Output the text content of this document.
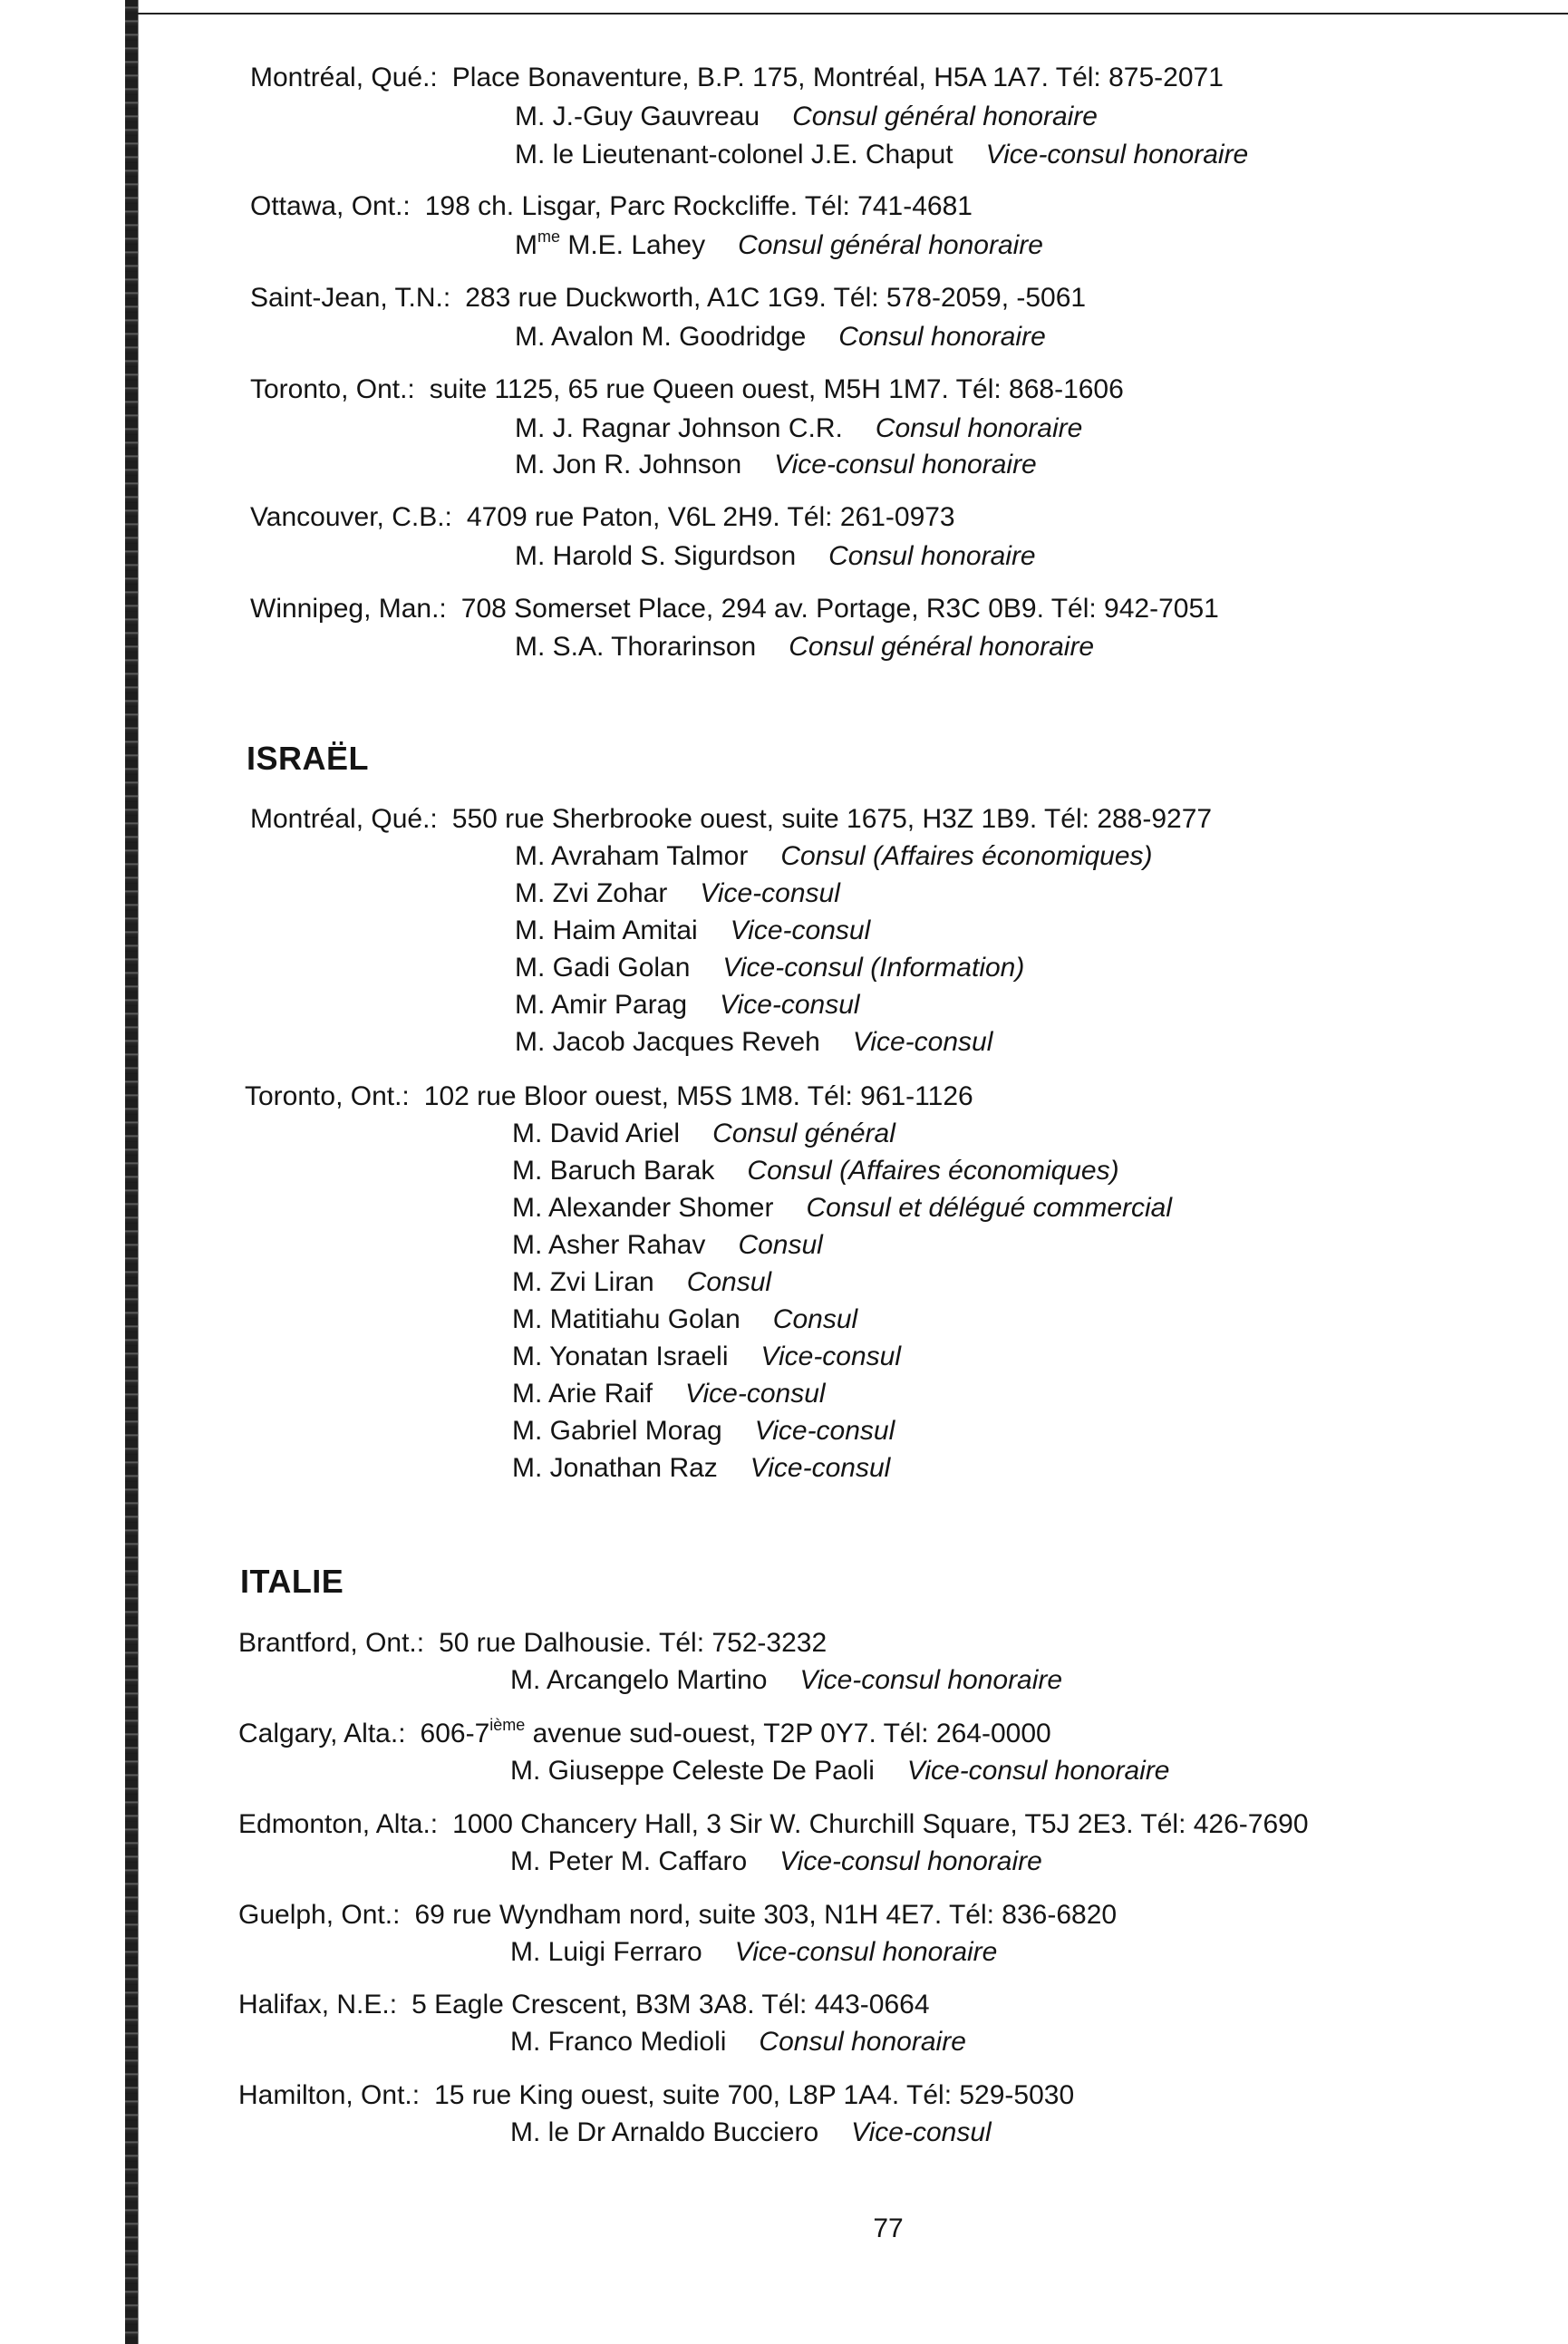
Montréal, Qué.: Place Bonaventure, B.P. 175, Montréal, H5A 1A7. Tél: 875-2071
M. J.-Guy Gauvreau Consul général honoraire
M. le Lieutenant-colonel J.E. Chaput Vice-consul honoraire
Ottawa, Ont.: 198 ch. Lisgar, Parc Rockcliffe. Tél: 741-4681
$M^{me}$ M.E. Lahey Consul général honoraire
Saint-Jean, T.N.: 283 rue Duckworth, A1C 1G9. Tél: 578-2059, -5061
M. Avalon M. Goodridge Consul honoraire
Toronto, Ont.: suite 1125, 65 rue Queen ouest, M5H 1M7. Tél: 868-1606
M. J. Ragnar Johnson C.R. Consul honoraire
M. Jon R. Johnson Vice-consul honoraire
Vancouver, C.B.: 4709 rue Paton, V6L 2H9. Tél: 261-0973
M. Harold S. Sigurdson Consul honoraire
Winnipeg, Man.: 708 Somerset Place, 294 av. Portage, R3C 0B9. Tél: 942-7051
M. S.A. Thorarinson Consul général honoraire
ISRAËL
Montréal, Qué.: 550 rue Sherbrooke ouest, suite 1675, H3Z 1B9. Tél: 288-9277
M. Avraham Talmor Consul (Affaires économiques)
M. Zvi Zohar Vice-consul
M. Haim Amitai Vice-consul
M. Gadi Golan Vice-consul (Information)
M. Amir Parag Vice-consul
M. Jacob Jacques Reveh Vice-consul
Toronto, Ont.: 102 rue Bloor ouest, M5S 1M8. Tél: 961-1126
M. David Ariel Consul général
M. Baruch Barak Consul (Affaires économiques)
M. Alexander Shomer Consul et délégué commercial
M. Asher Rahav Consul
M. Zvi Liran Consul
M. Matitiahu Golan Consul
M. Yonatan Israeli Vice-consul
M. Arie Raif Vice-consul
M. Gabriel Morag Vice-consul
M. Jonathan Raz Vice-consul
ITALIE
Brantford, Ont.: 50 rue Dalhousie. Tél: 752-3232
M. Arcangelo Martino Vice-consul honoraire
Calgary, Alta.: 606-7ième avenue sud-ouest, T2P 0Y7. Tél: 264-0000
M. Giuseppe Celeste De Paoli Vice-consul honoraire
Edmonton, Alta.: 1000 Chancery Hall, 3 Sir W. Churchill Square, T5J 2E3. Tél: 426-7690
M. Peter M. Caffaro Vice-consul honoraire
Guelph, Ont.: 69 rue Wyndham nord, suite 303, N1H 4E7. Tél: 836-6820
M. Luigi Ferraro Vice-consul honoraire
Halifax, N.E.: 5 Eagle Crescent, B3M 3A8. Tél: 443-0664
M. Franco Medioli Consul honoraire
Hamilton, Ont.: 15 rue King ouest, suite 700, L8P 1A4. Tél: 529-5030
M. le Dr Arnaldo Bucciero Vice-consul
77
